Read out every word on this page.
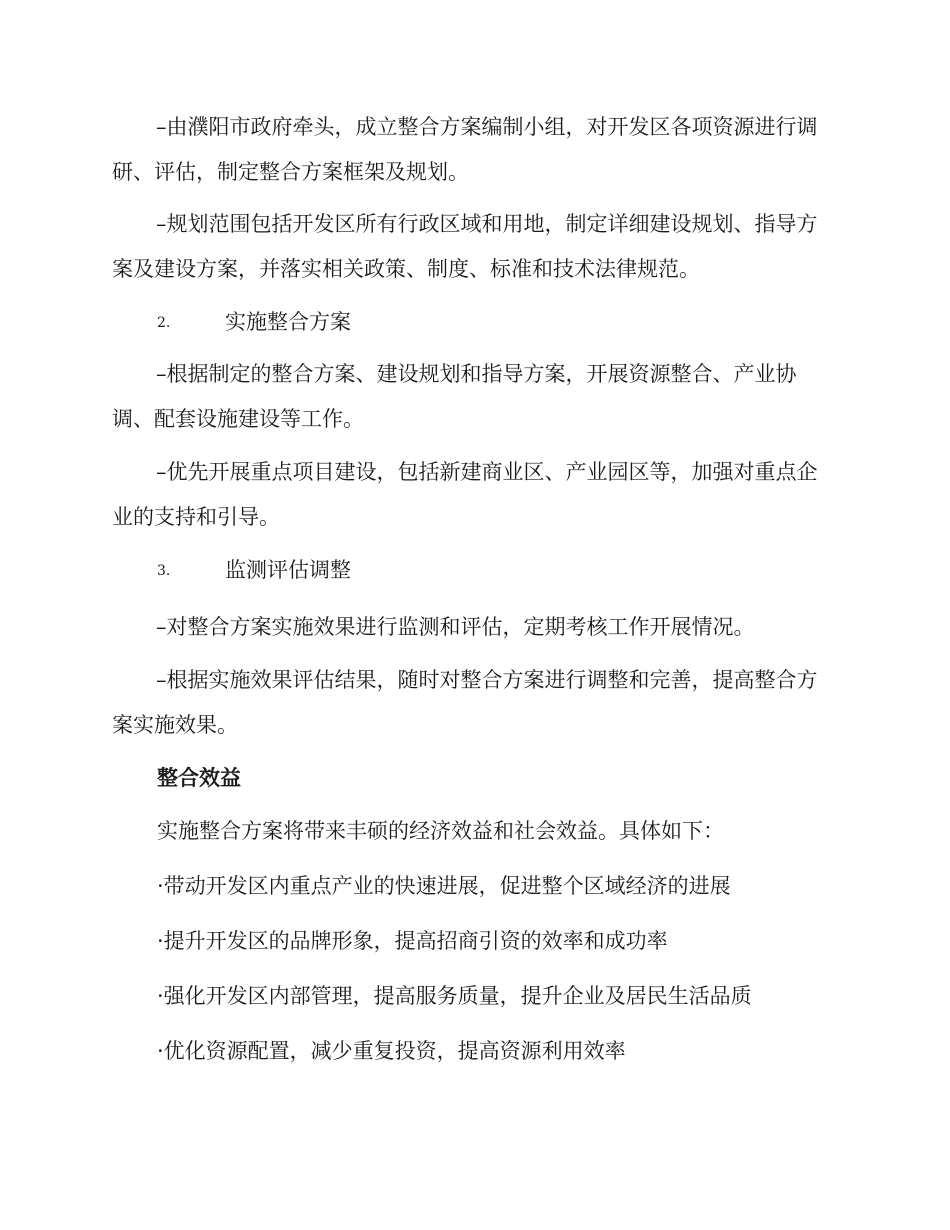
–由濮阳市政府牵头，成立整合方案编制小组，对开发区各项资源进行调研、评估，制定整合方案框架及规划。

–规划范围包括开发区所有行政区域和用地，制定详细建设规划、指导方案及建设方案，并落实相关政策、制度、标准和技术法律规范。

2.	实施整合方案

–根据制定的整合方案、建设规划和指导方案，开展资源整合、产业协调、配套设施建设等工作。

–优先开展重点项目建设，包括新建商业区、产业园区等，加强对重点企业的支持和引导。

3.	监测评估调整

–对整合方案实施效果进行监测和评估，定期考核工作开展情况。

–根据实施效果评估结果，随时对整合方案进行调整和完善，提高整合方案实施效果。

整合效益

实施整合方案将带来丰硕的经济效益和社会效益。具体如下：

·带动开发区内重点产业的快速进展，促进整个区域经济的进展

·提升开发区的品牌形象，提高招商引资的效率和成功率

·强化开发区内部管理，提高服务质量，提升企业及居民生活品质

·优化资源配置，减少重复投资，提高资源利用效率
